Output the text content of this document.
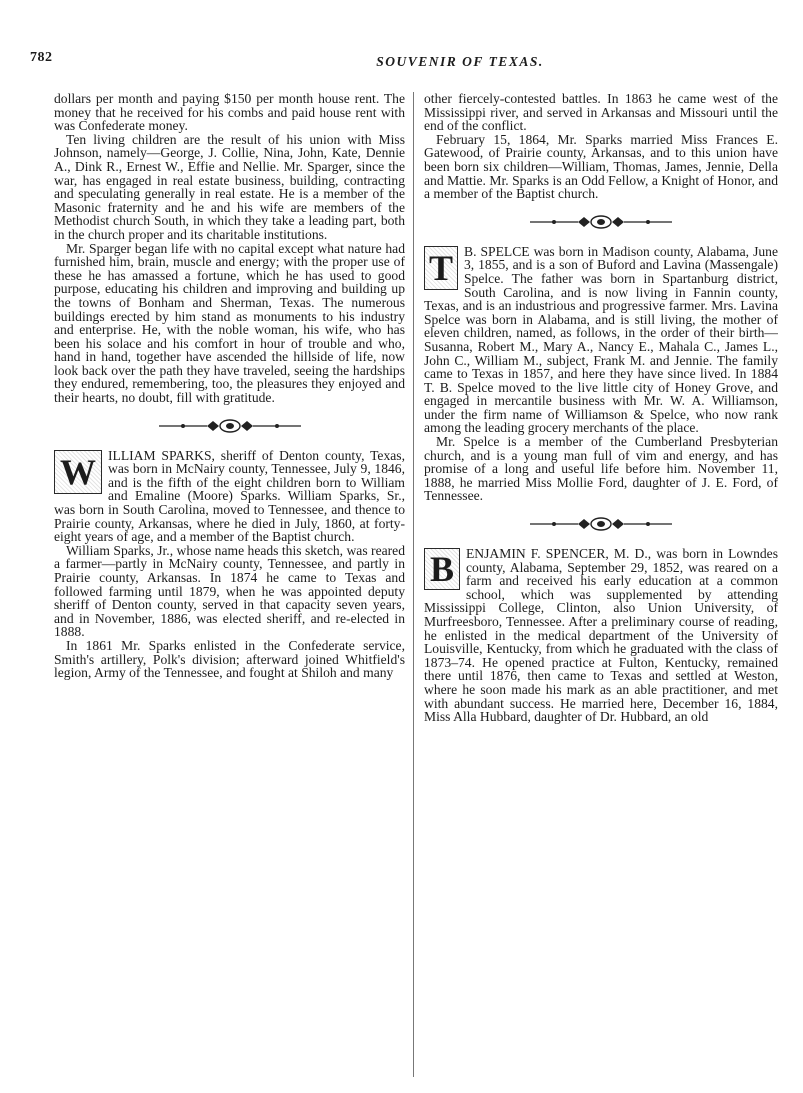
782	SOUVENIR OF TEXAS.

dollars per month and paying $150 per month house rent. The money that he received for his combs and paid house rent with was Confederate money.

Ten living children are the result of his union with Miss Johnson, namely—George, J. Collie, Nina, John, Kate, Dennie A., Dink R., Ernest W., Effie and Nellie. Mr. Sparger, since the war, has engaged in real estate business, building, contracting and speculating generally in real estate. He is a member of the Masonic fraternity and he and his wife are members of the Methodist church South, in which they take a leading part, both in the church proper and its charitable institutions.

Mr. Sparger began life with no capital except what nature had furnished him, brain, muscle and energy; with the proper use of these he has amassed a fortune, which he has used to good purpose, educating his children and improving and building up the towns of Bonham and Sherman, Texas. The numerous buildings erected by him stand as monuments to his industry and enterprise. He, with the noble woman, his wife, who has been his solace and his comfort in hour of trouble and who, hand in hand, together have ascended the hillside of life, now look back over the path they have traveled, seeing the hardships they endured, remembering, too, the pleasures they enjoyed and their hearts, no doubt, fill with gratitude.

W ILLIAM SPARKS, sheriff of Denton county, Texas, was born in McNairy county, Tennessee, July 9, 1846, and is the fifth of the eight children born to William and Emaline (Moore) Sparks. William Sparks, Sr., was born in South Carolina, moved to Tennessee, and thence to Prairie county, Arkansas, where he died in July, 1860, at forty-eight years of age, and a member of the Baptist church.

William Sparks, Jr., whose name heads this sketch, was reared a farmer—partly in McNairy county, Tennessee, and partly in Prairie county, Arkansas. In 1874 he came to Texas and followed farming until 1879, when he was appointed deputy sheriff of Denton county, served in that capacity seven years, and in November, 1886, was elected sheriff, and re-elected in 1888.

In 1861 Mr. Sparks enlisted in the Confederate service, Smith's artillery, Polk's division; afterward joined Whitfield's legion, Army of the Tennessee, and fought at Shiloh and many

other fiercely-contested battles. In 1863 he came west of the Mississippi river, and served in Arkansas and Missouri until the end of the conflict.

February 15, 1864, Mr. Sparks married Miss Frances E. Gatewood, of Prairie county, Arkansas, and to this union have been born six children—William, Thomas, James, Jennie, Della and Mattie. Mr. Sparks is an Odd Fellow, a Knight of Honor, and a member of the Baptist church.

T B. SPELCE was born in Madison county, Alabama, June 3, 1855, and is a son of Buford and Lavina (Massengale) Spelce. The father was born in Spartanburg district, South Carolina, and is now living in Fannin county, Texas, and is an industrious and progressive farmer. Mrs. Lavina Spelce was born in Alabama, and is still living, the mother of eleven children, named, as follows, in the order of their birth—Susanna, Robert M., Mary A., Nancy E., Mahala C., James L., John C., William M., subject, Frank M. and Jennie. The family came to Texas in 1857, and here they have since lived. In 1884 T. B. Spelce moved to the live little city of Honey Grove, and engaged in mercantile business with Mr. W. A. Williamson, under the firm name of Williamson & Spelce, who now rank among the leading grocery merchants of the place.

Mr. Spelce is a member of the Cumberland Presbyterian church, and is a young man full of vim and energy, and has promise of a long and useful life before him. November 11, 1888, he married Miss Mollie Ford, daughter of J. E. Ford, of Tennessee.

B ENJAMIN F. SPENCER, M. D., was born in Lowndes county, Alabama, September 29, 1852, was reared on a farm and received his early education at a common school, which was supplemented by attending Mississippi College, Clinton, also Union University, of Murfreesboro, Tennessee. After a preliminary course of reading, he enlisted in the medical department of the University of Louisville, Kentucky, from which he graduated with the class of 1873–74. He opened practice at Fulton, Kentucky, remained there until 1876, then came to Texas and settled at Weston, where he soon made his mark as an able practitioner, and met with abundant success. He married here, December 16, 1884, Miss Alla Hubbard, daughter of Dr. Hubbard, an old
